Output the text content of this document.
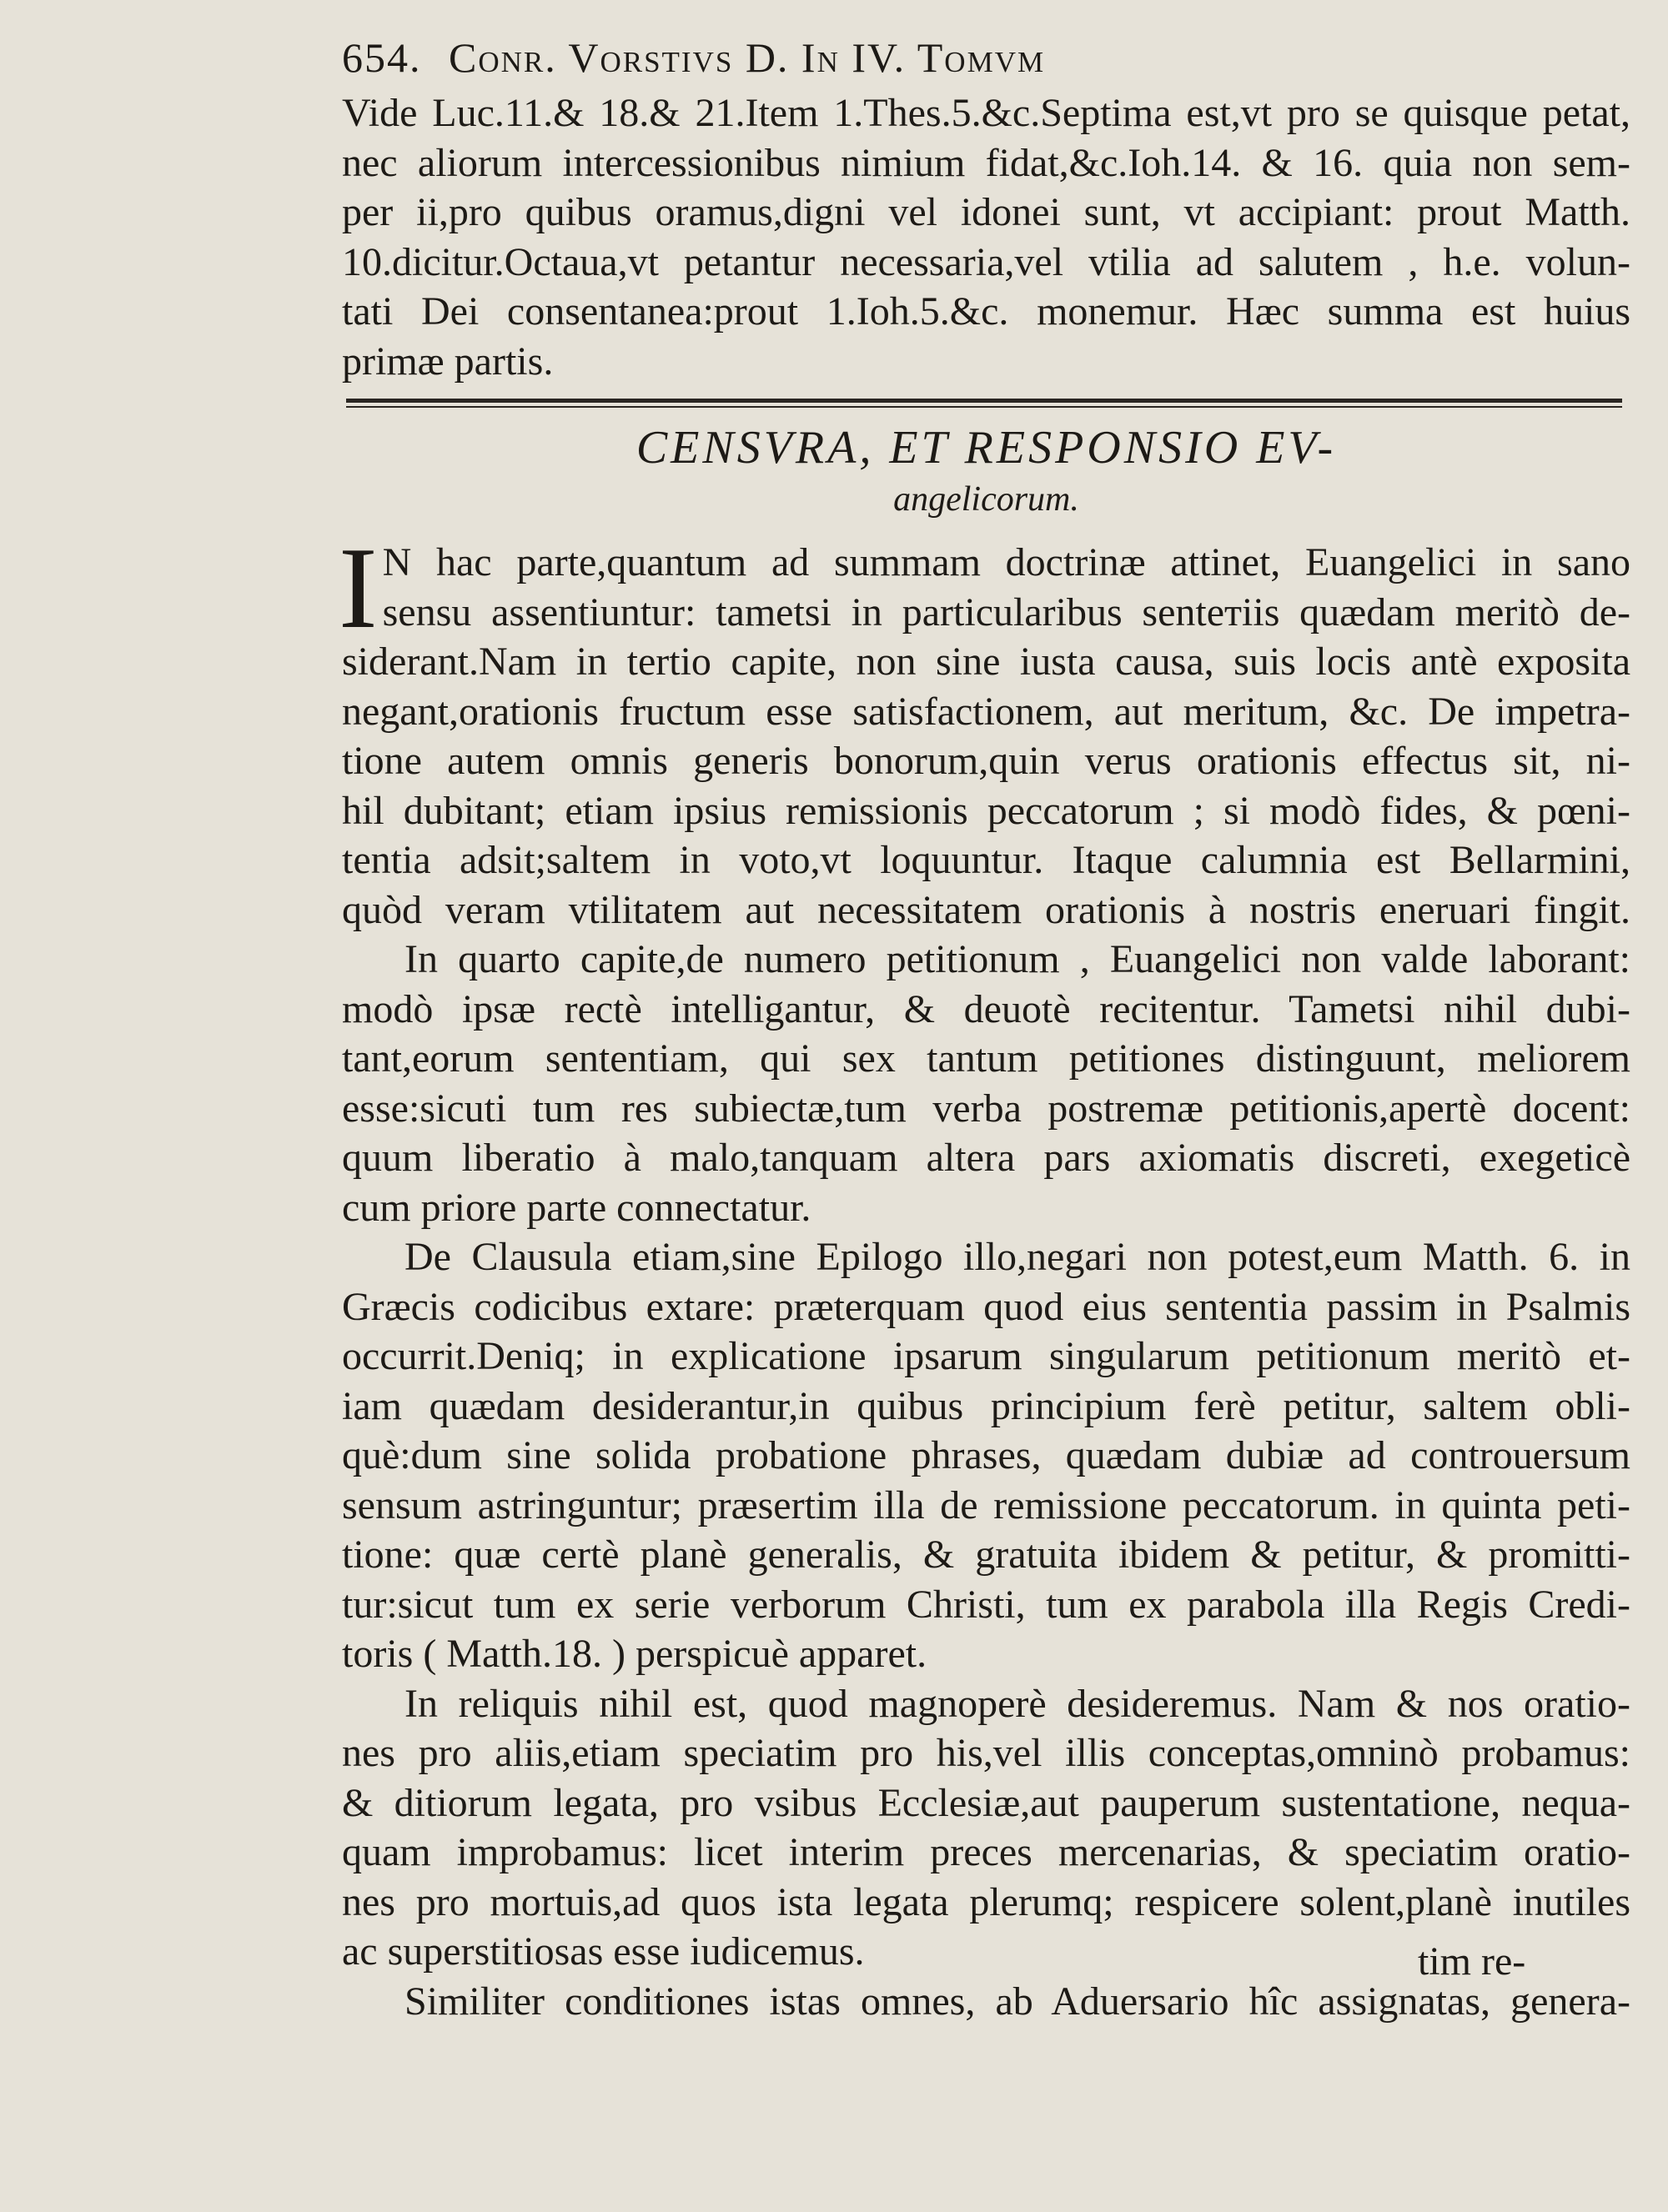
654. Conr. Vorstivs D. In IV. Tomvm
Vide Luc.11.& 18.& 21.Item 1.Thes.5.&c.Septima est,vt pro se quisque petat,
nec aliorum intercessionibus nimium fidat,&c.Ioh.14. & 16. quia non sem-
per ii,pro quibus oramus,digni vel idonei sunt, vt accipiant: prout Matth.
10.dicitur.Octaua,vt petantur necessaria,vel vtilia ad salutem , h.e. volun-
tati Dei consentanea:prout 1.Ioh.5.&c. monemur. Hæc summa est huius
primæ partis.
CENSVRA, ET RESPONSIO EV-
angelicorum.
I N hac parte,quantum ad summam doctrinæ attinet, Euangelici in sano
sensu assentiuntur: tametsi in particularibus senteтiis quædam meritò de-
siderant.Nam in tertio capite, non sine iusta causa, suis locis antè exposita
negant,orationis fructum esse satisfactionem, aut meritum, &c. De impetra-
tione autem omnis generis bonorum,quin verus orationis effectus sit, ni-
hil dubitant; etiam ipsius remissionis peccatorum ; si modò fides, & pœni-
tentia adsit;saltem in voto,vt loquuntur. Itaque calumnia est Bellarmini,
quòd veram vtilitatem aut necessitatem orationis à nostris eneruari fingit.
In quarto capite,de numero petitionum , Euangelici non valde laborant:
modò ipsæ rectè intelligantur, & deuotè recitentur. Tametsi nihil dubi-
tant,eorum sententiam, qui sex tantum petitiones distinguunt, meliorem
esse:sicuti tum res subiectæ,tum verba postremæ petitionis,apertè docent:
quum liberatio à malo,tanquam altera pars axiomatis discreti, exegeticè
cum priore parte connectatur.
De Clausula etiam,sine Epilogo illo,negari non potest,eum Matth. 6. in
Græcis codicibus extare: præterquam quod eius sententia passim in Psalmis
occurrit.Deniq; in explicatione ipsarum singularum petitionum meritò et-
iam quædam desiderantur,in quibus principium ferè petitur, saltem obli-
què:dum sine solida probatione phrases, quædam dubiæ ad controuersum
sensum astringuntur; præsertim illa de remissione peccatorum. in quinta peti-
tione: quæ certè planè generalis, & gratuita ibidem & petitur, & promitti-
tur:sicut tum ex serie verborum Christi, tum ex parabola illa Regis Credi-
toris ( Matth.18. ) perspicuè apparet.
In reliquis nihil est, quod magnoperè desideremus. Nam & nos oratio-
nes pro aliis,etiam speciatim pro his,vel illis conceptas,omninò probamus:
& ditiorum legata, pro vsibus Ecclesiæ,aut pauperum sustentatione, nequa-
quam improbamus: licet interim preces mercenarias, & speciatim oratio-
nes pro mortuis,ad quos ista legata plerumq; respicere solent,planè inutiles
ac superstitiosas esse iudicemus.
Similiter conditiones istas omnes, ab Aduersario hîc assignatas, genera-
tim re-
